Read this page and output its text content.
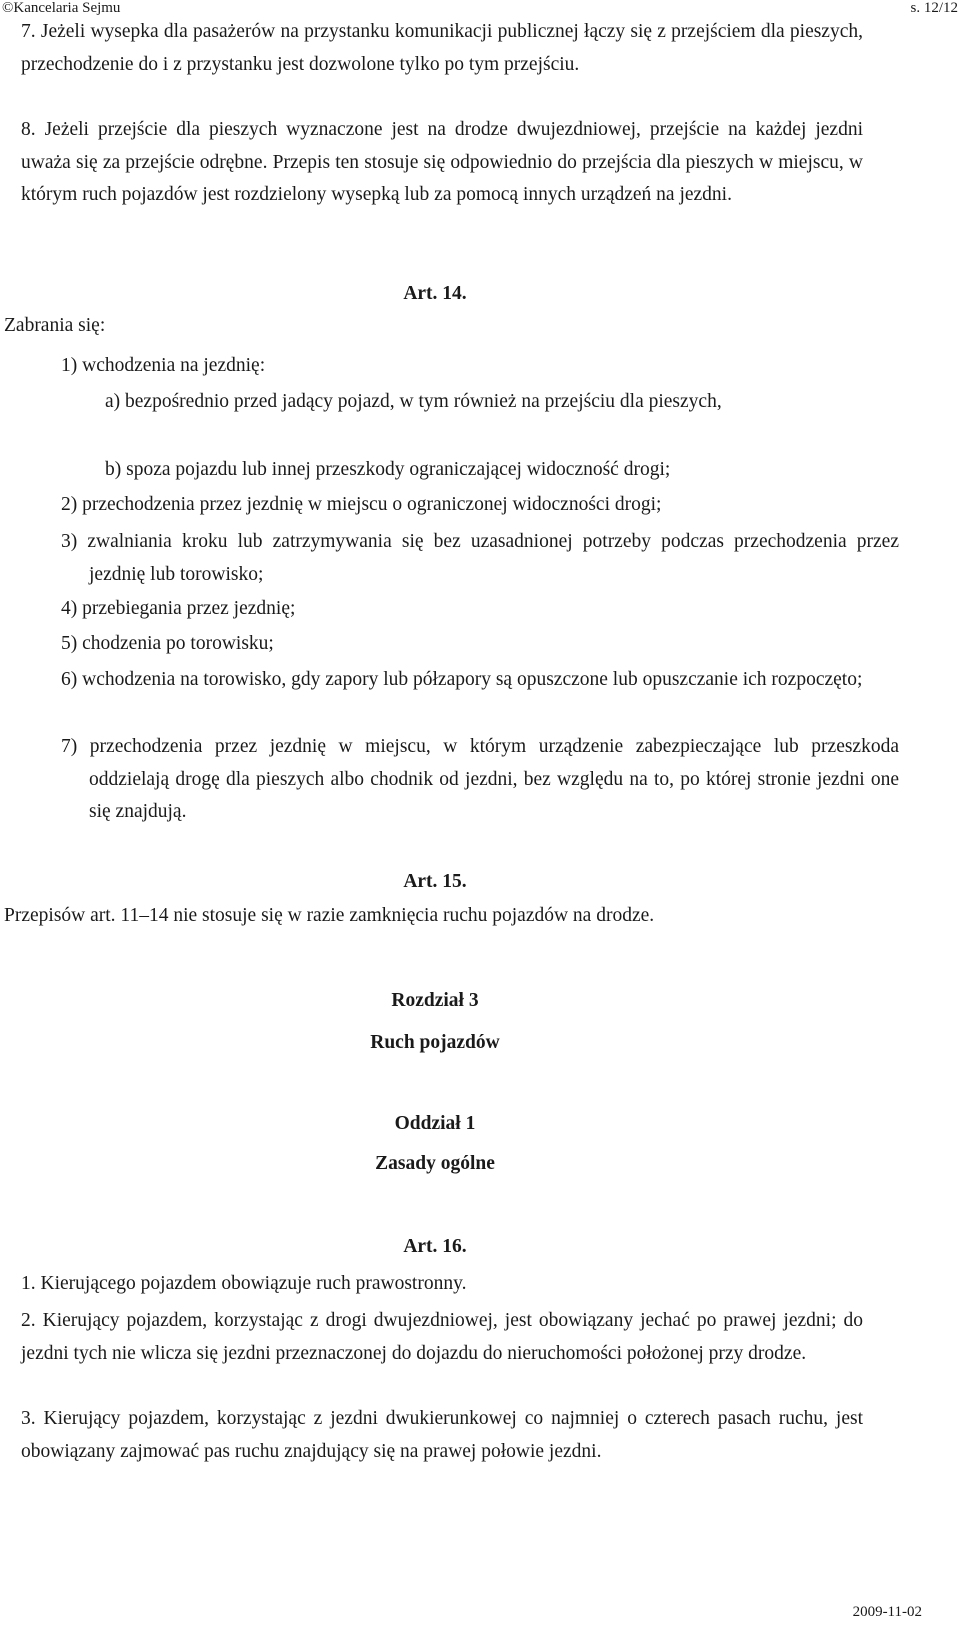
©Kancelaria Sejmu	s. 12/12

7. Jeżeli wysepka dla pasażerów na przystanku komunikacji publicznej łączy się z przejściem dla pieszych, przechodzenie do i z przystanku jest dozwolone tylko po tym przejściu.

8. Jeżeli przejście dla pieszych wyznaczone jest na drodze dwujezdniowej, przejście na każdej jezdni uważa się za przejście odrębne. Przepis ten stosuje się odpowiednio do przejścia dla pieszych w miejscu, w którym ruch pojazdów jest rozdzielony wysepką lub za pomocą innych urządzeń na jezdni.

Art. 14.

Zabrania się:

1) wchodzenia na jezdnię:

a) bezpośrednio przed jadący pojazd, w tym również na przejściu dla pieszych,

b) spoza pojazdu lub innej przeszkody ograniczającej widoczność drogi;

2) przechodzenia przez jezdnię w miejscu o ograniczonej widoczności drogi;

3) zwalniania kroku lub zatrzymywania się bez uzasadnionej potrzeby podczas przechodzenia przez jezdnię lub torowisko;

4) przebiegania przez jezdnię;

5) chodzenia po torowisku;

6) wchodzenia na torowisko, gdy zapory lub półzapory są opuszczone lub opuszczanie ich rozpoczęto;

7) przechodzenia przez jezdnię w miejscu, w którym urządzenie zabezpieczające lub przeszkoda oddzielają drogę dla pieszych albo chodnik od jezdni, bez względu na to, po której stronie jezdni one się znajdują.

Art. 15.

Przepisów art. 11–14 nie stosuje się w razie zamknięcia ruchu pojazdów na drodze.

Rozdział 3

Ruch pojazdów

Oddział 1

Zasady ogólne

Art. 16.

1. Kierującego pojazdem obowiązuje ruch prawostronny.

2. Kierujący pojazdem, korzystając z drogi dwujezdniowej, jest obowiązany jechać po prawej jezdni; do jezdni tych nie wlicza się jezdni przeznaczonej do dojazdu do nieruchomości położonej przy drodze.

3. Kierujący pojazdem, korzystając z jezdni dwukierunkowej co najmniej o czterech pasach ruchu, jest obowiązany zajmować pas ruchu znajdujący się na prawej połowie jezdni.

2009-11-02
